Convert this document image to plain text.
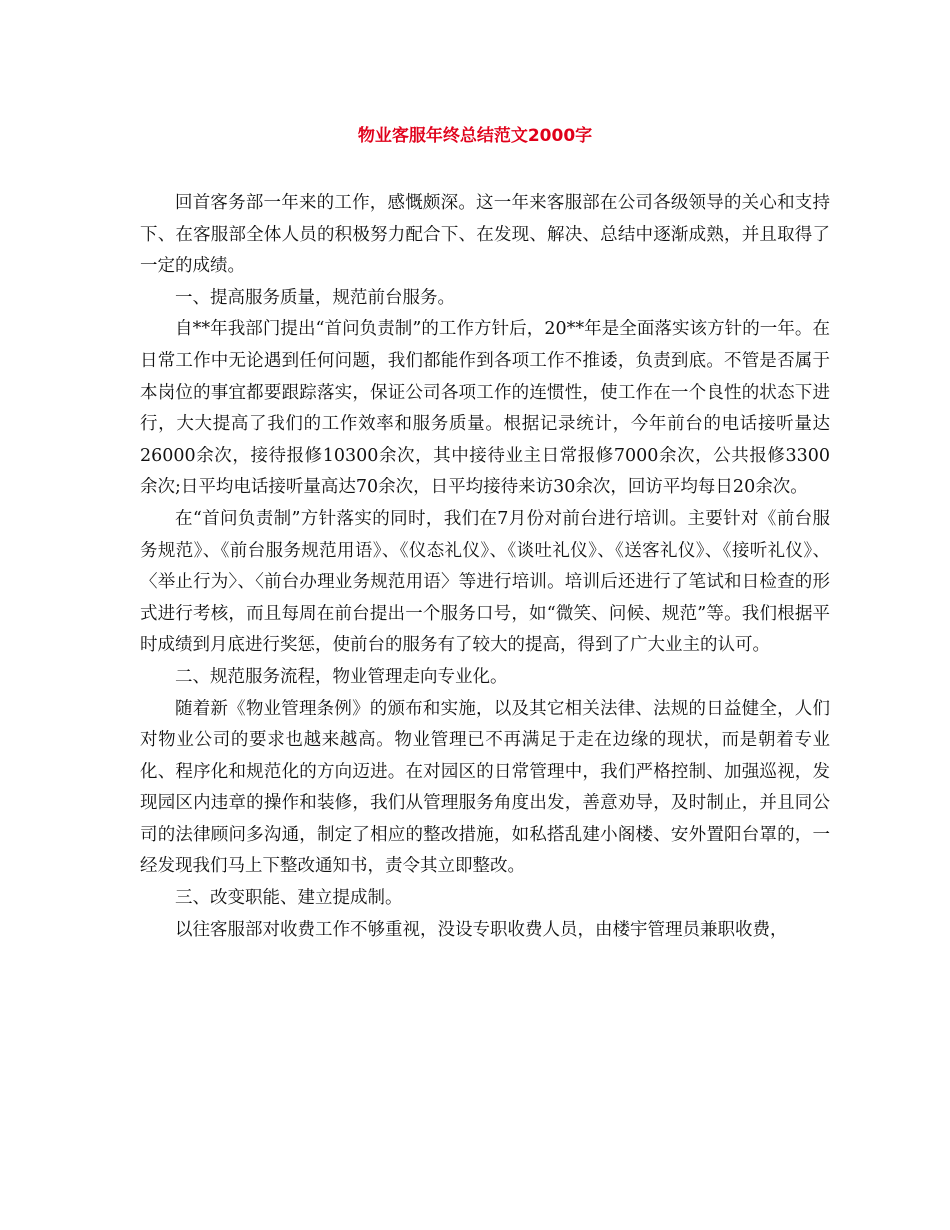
物业客服年终总结范文2000字

回首客务部一年来的工作，感慨颇深。这一年来客服部在公司各级领导的关心和支持下、在客服部全体人员的积极努力配合下、在发现、解决、总结中逐渐成熟，并且取得了一定的成绩。

一、提高服务质量，规范前台服务。

自**年我部门提出“首问负责制”的工作方针后，20**年是全面落实该方针的一年。在日常工作中无论遇到任何问题，我们都能作到各项工作不推诿，负责到底。不管是否属于本岗位的事宜都要跟踪落实，保证公司各项工作的连惯性，使工作在一个良性的状态下进行，大大提高了我们的工作效率和服务质量。根据记录统计，今年前台的电话接听量达26000余次，接待报修10300余次，其中接待业主日常报修7000余次，公共报修3300余次;日平均电话接听量高达70余次，日平均接待来访30余次，回访平均每日20余次。

在“首问负责制”方针落实的同时，我们在7月份对前台进行培训。主要针对《前台服务规范》、《前台服务规范用语》、《仪态礼仪》、《谈吐礼仪》、《送客礼仪》、《接听礼仪》、〈举止行为〉、〈前台办理业务规范用语〉等进行培训。培训后还进行了笔试和日检查的形式进行考核，而且每周在前台提出一个服务口号，如“微笑、问候、规范”等。我们根据平时成绩到月底进行奖惩，使前台的服务有了较大的提高，得到了广大业主的认可。

二、规范服务流程，物业管理走向专业化。

随着新《物业管理条例》的颁布和实施，以及其它相关法律、法规的日益健全，人们对物业公司的要求也越来越高。物业管理已不再满足于走在边缘的现状，而是朝着专业化、程序化和规范化的方向迈进。在对园区的日常管理中，我们严格控制、加强巡视，发现园区内违章的操作和装修，我们从管理服务角度出发，善意劝导，及时制止，并且同公司的法律顾问多沟通，制定了相应的整改措施，如私搭乱建小阁楼、安外置阳台罩的，一经发现我们马上下整改通知书，责令其立即整改。

三、改变职能、建立提成制。

以往客服部对收费工作不够重视，没设专职收费人员，由楼宇管理员兼职收费，
